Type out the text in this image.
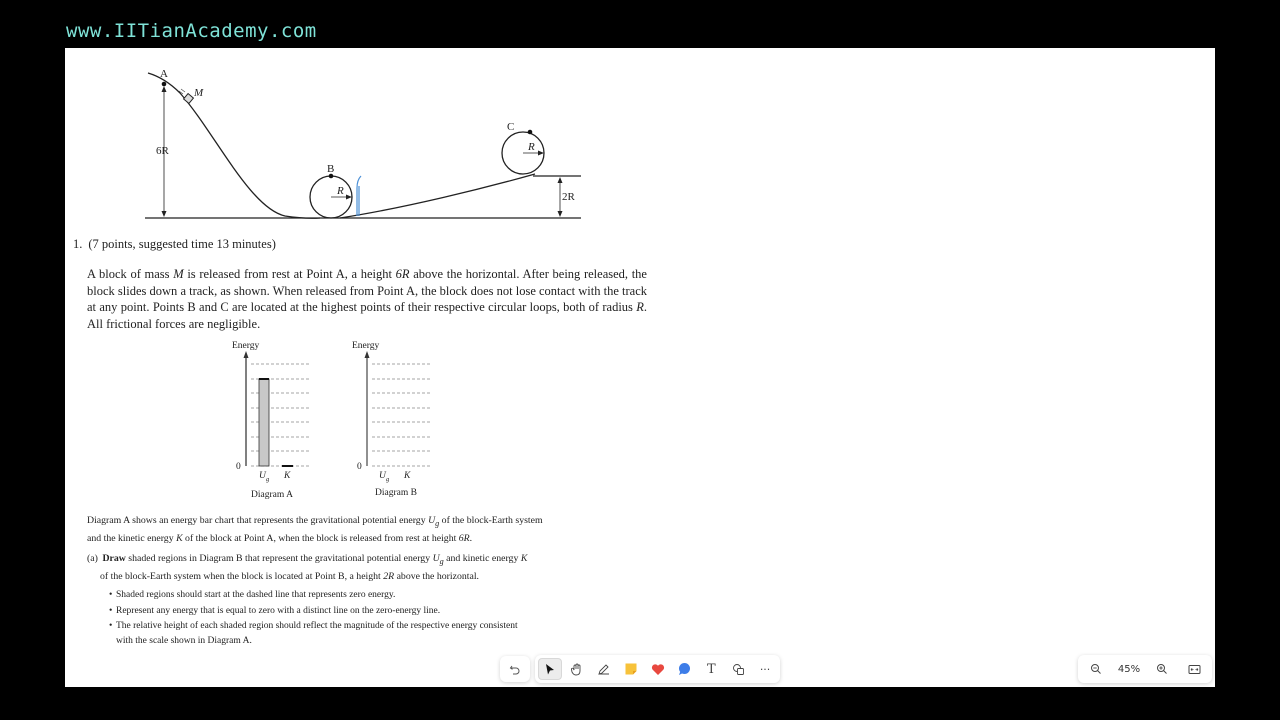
www.IITianAcademy.com
A
M
6R
B
R
C
R
2R
1. (7 points, suggested time 13 minutes)

A block of mass M is released from rest at Point A, a height 6R above the horizontal. After being released, the block slides down a track, as shown. When released from Point A, the block does not lose contact with the track at any point. Points B and C are located at the highest points of their respective circular loops, both of radius R. All frictional forces are negligible.

Energy
0
U g K
Diagram A
Energy
0
U g K
Diagram B

Diagram A shows an energy bar chart that represents the gravitational potential energy $U_g$ of the block-Earth system and the kinetic energy K of the block at Point A, when the block is released from rest at height 6R.

(a) Draw shaded regions in Diagram B that represent the gravitational potential energy $U_g$ and kinetic energy K
of the block-Earth system when the block is located at Point B, a height 2R above the horizontal.
• Shaded regions should start at the dashed line that represents zero energy.
• Represent any energy that is equal to zero with a distinct line on the zero-energy line.
• The relative height of each shaded region should reflect the magnitude of the respective energy consistent with the scale shown in Diagram A.
T	···	45%
